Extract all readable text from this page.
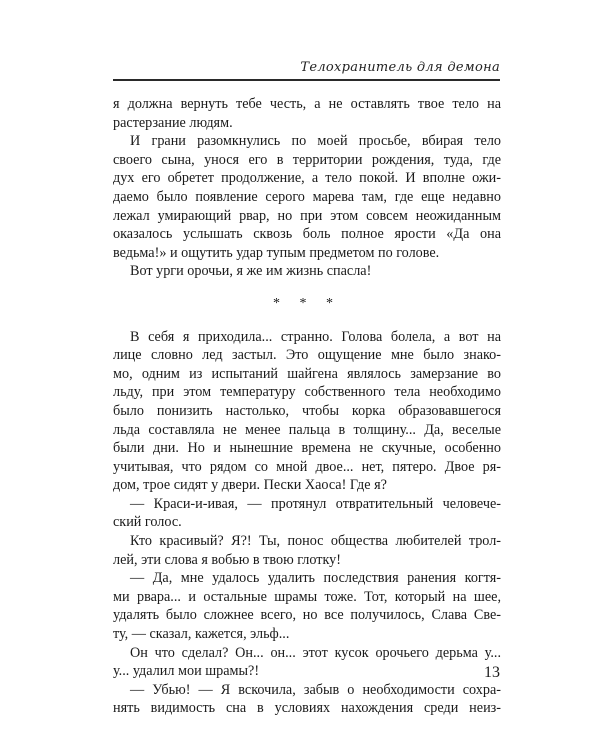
Телохранитель для демона
я должна вернуть тебе честь, а не оставлять твое тело на
растерзание людям.
И грани разомкнулись по моей просьбе, вбирая тело
своего сына, унося его в территории рождения, туда, где
дух его обретет продолжение, а тело покой. И вполне ожи-
даемо было появление серого марева там, где еще недавно
лежал умирающий рвар, но при этом совсем неожиданным
оказалось услышать сквозь боль полное ярости «Да она
ведьма!» и ощутить удар тупым предметом по голове.
Вот урги орочьи, я же им жизнь спасла!
* * *
В себя я приходила... странно. Голова болела, а вот на
лице словно лед застыл. Это ощущение мне было знако-
мо, одним из испытаний шайгена являлось замерзание во
льду, при этом температуру собственного тела необходимо
было понизить настолько, чтобы корка образовавшегося
льда составляла не менее пальца в толщину... Да, веселые
были дни. Но и нынешние времена не скучные, особенно
учитывая, что рядом со мной двое... нет, пятеро. Двое ря-
дом, трое сидят у двери. Пески Хаоса! Где я?
— Краси-и-ивая, — протянул отвратительный человече-
ский голос.
Кто красивый? Я?! Ты, понос общества любителей трол-
лей, эти слова я вобью в твою глотку!
— Да, мне удалось удалить последствия ранения когтя-
ми рвара... и остальные шрамы тоже. Тот, который на шее,
удалять было сложнее всего, но все получилось, Слава Све-
ту, — сказал, кажется, эльф...
Он что сделал? Он... он... этот кусок орочьего дерьма у...
у... удалил мои шрамы?!
— Убью! — Я вскочила, забыв о необходимости сохра-
нять видимость сна в условиях нахождения среди неиз-
13
